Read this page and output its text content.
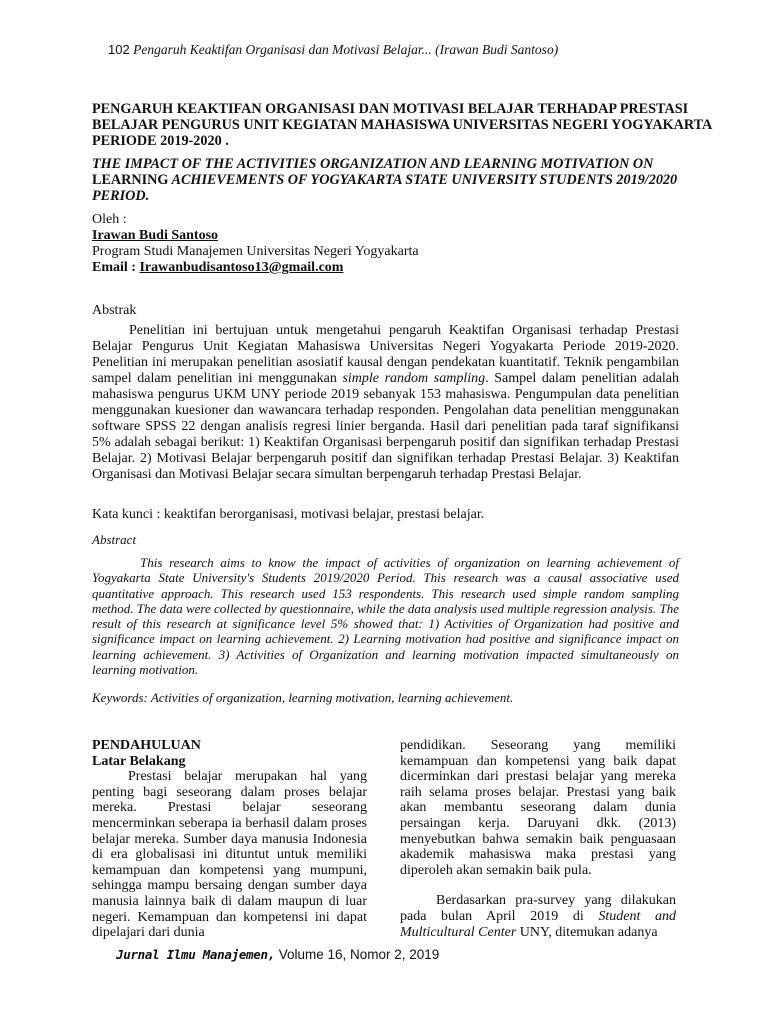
102 Pengaruh Keaktifan Organisasi dan Motivasi Belajar... (Irawan Budi Santoso)
PENGARUH KEAKTIFAN ORGANISASI DAN MOTIVASI BELAJAR TERHADAP PRESTASI BELAJAR PENGURUS UNIT KEGIATAN MAHASISWA UNIVERSITAS NEGERI YOGYAKARTA PERIODE 2019-2020 .
THE IMPACT OF THE ACTIVITIES ORGANIZATION AND LEARNING MOTIVATION ON
LEARNING ACHIEVEMENTS OF YOGYAKARTA STATE UNIVERSITY STUDENTS 2019/2020 PERIOD.
Oleh :
Irawan Budi Santoso
Program Studi Manajemen Universitas Negeri Yogyakarta
Email : Irawanbudisantoso13@gmail.com
Abstrak

Penelitian ini bertujuan untuk mengetahui pengaruh Keaktifan Organisasi terhadap Prestasi Belajar Pengurus Unit Kegiatan Mahasiswa Universitas Negeri Yogyakarta Periode 2019-2020. Penelitian ini merupakan penelitian asosiatif kausal dengan pendekatan kuantitatif. Teknik pengambilan sampel dalam penelitian ini menggunakan simple random sampling. Sampel dalam penelitian adalah mahasiswa pengurus UKM UNY periode 2019 sebanyak 153 mahasiswa. Pengumpulan data penelitian menggunakan kuesioner dan wawancara terhadap responden. Pengolahan data penelitian menggunakan software SPSS 22 dengan analisis regresi linier berganda. Hasil dari penelitian pada taraf signifikansi 5% adalah sebagai berikut: 1) Keaktifan Organisasi berpengaruh positif dan signifikan terhadap Prestasi Belajar. 2) Motivasi Belajar berpengaruh positif dan signifikan terhadap Prestasi Belajar. 3) Keaktifan Organisasi dan Motivasi Belajar secara simultan berpengaruh terhadap Prestasi Belajar.

Kata kunci : keaktifan berorganisasi, motivasi belajar, prestasi belajar.
Abstract

This research aims to know the impact of activities of organization on learning achievement of Yogyakarta State University's Students 2019/2020 Period. This research was a causal associative used quantitative approach. This research used 153 respondents. This research used simple random sampling method. The data were collected by questionnaire, while the data analysis used multiple regression analysis. The result of this research at significance level 5% showed that: 1) Activities of Organization had positive and significance impact on learning achievement. 2) Learning motivation had positive and significance impact on learning achievement. 3) Activities of Organization and learning motivation impacted simultaneously on learning motivation.

Keywords: Activities of organization, learning motivation, learning achievement.
PENDAHULUAN
Latar Belakang

Prestasi belajar merupakan hal yang penting bagi seseorang dalam proses belajar mereka. Prestasi belajar seseorang mencerminkan seberapa ia berhasil dalam proses belajar mereka. Sumber daya manusia Indonesia di era globalisasi ini dituntut untuk memiliki kemampuan dan kompetensi yang mumpuni, sehingga mampu bersaing dengan sumber daya manusia lainnya baik di dalam maupun di luar negeri. Kemampuan dan kompetensi ini dapat dipelajari dari dunia

pendidikan. Seseorang yang memiliki kemampuan dan kompetensi yang baik dapat dicerminkan dari prestasi belajar yang mereka raih selama proses belajar. Prestasi yang baik akan membantu seseorang dalam dunia persaingan kerja. Daruyani dkk. (2013) menyebutkan bahwa semakin baik penguasaan akademik mahasiswa maka prestasi yang diperoleh akan semakin baik pula.

Berdasarkan pra-survey yang dilakukan pada bulan April 2019 di Student and Multicultural Center UNY, ditemukan adanya

Jurnal Ilmu Manajemen, Volume 16, Nomor 2, 2019
